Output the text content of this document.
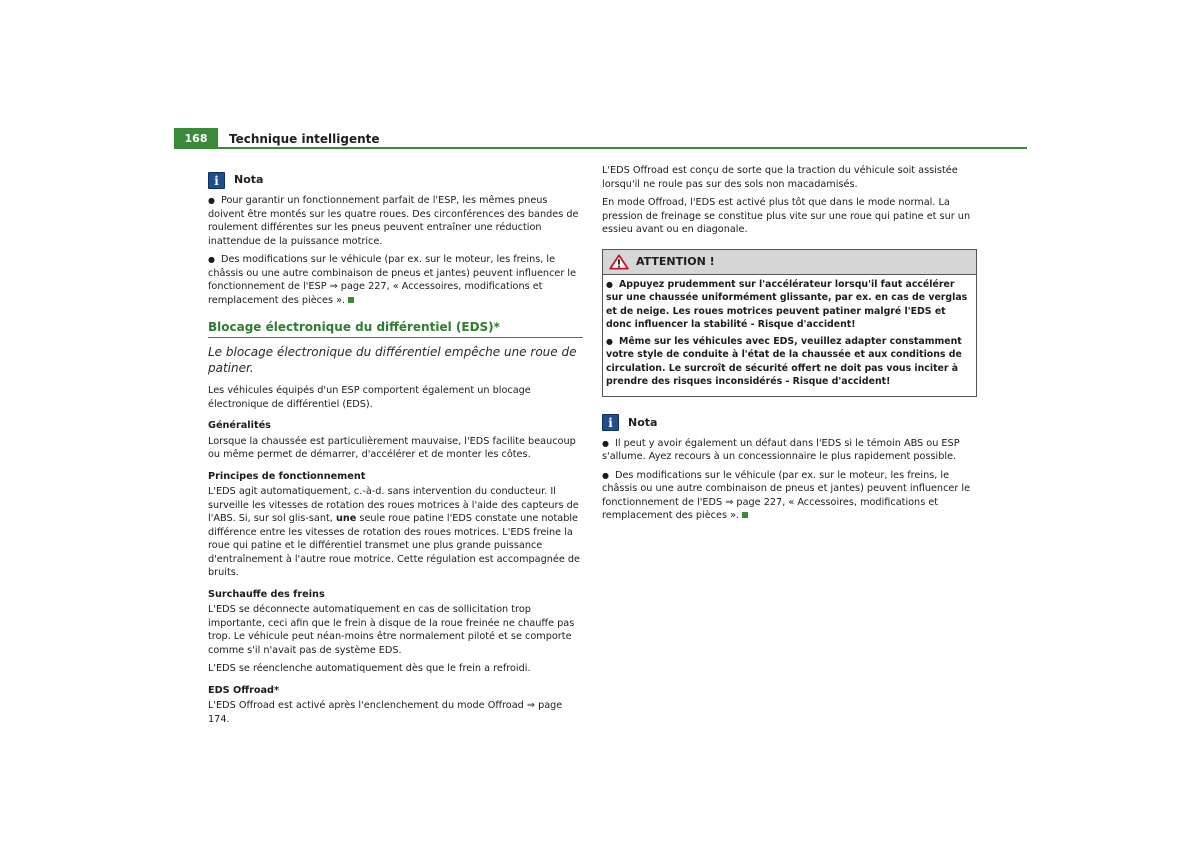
168	Technique intelligente
i	Nota

● Pour garantir un fonctionnement parfait de l'ESP, les mêmes pneus doivent être montés sur les quatre roues. Des circonférences des bandes de roulement différentes sur les pneus peuvent entraîner une réduction inattendue de la puissance motrice.

● Des modifications sur le véhicule (par ex. sur le moteur, les freins, le châssis ou une autre combinaison de pneus et jantes) peuvent influencer le fonctionnement de l'ESP ⇒ page 227, « Accessoires, modifications et remplacement des pièces ».

Blocage électronique du différentiel (EDS)*
Le blocage électronique du différentiel empêche une roue de patiner.

Les véhicules équipés d'un ESP comportent également un blocage électronique de différentiel (EDS).

Généralités

Lorsque la chaussée est particulièrement mauvaise, l'EDS facilite beaucoup ou même permet de démarrer, d'accélérer et de monter les côtes.

Principes de fonctionnement

L'EDS agit automatiquement, c.-à-d. sans intervention du conducteur. Il surveille les vitesses de rotation des roues motrices à l'aide des capteurs de l'ABS. Si, sur sol glis-sant, une seule roue patine l'EDS constate une notable différence entre les vitesses de rotation des roues motrices. L'EDS freine la roue qui patine et le différentiel transmet une plus grande puissance d'entraînement à l'autre roue motrice. Cette régulation est accompagnée de bruits.

Surchauffe des freins

L'EDS se déconnecte automatiquement en cas de sollicitation trop importante, ceci afin que le frein à disque de la roue freinée ne chauffe pas trop. Le véhicule peut néan-moins être normalement piloté et se comporte comme s'il n'avait pas de système EDS.

L'EDS se réenclenche automatiquement dès que le frein a refroidi.

EDS Offroad*

L'EDS Offroad est activé après l'enclenchement du mode Offroad ⇒ page 174.

L'EDS Offroad est conçu de sorte que la traction du véhicule soit assistée lorsqu'il ne roule pas sur des sols non macadamisés.

En mode Offroad, l'EDS est activé plus tôt que dans le mode normal. La pression de freinage se constitue plus vite sur une roue qui patine et sur un essieu avant ou en diagonale.

ATTENTION !

● Appuyez prudemment sur l'accélérateur lorsqu'il faut accélérer sur une chaussée uniformément glissante, par ex. en cas de verglas et de neige. Les roues motrices peuvent patiner malgré l'EDS et donc influencer la stabilité - Risque d'accident!

● Même sur les véhicules avec EDS, veuillez adapter constamment votre style de conduite à l'état de la chaussée et aux conditions de circulation. Le surcroît de sécurité offert ne doit pas vous inciter à prendre des risques inconsidérés - Risque d'accident!

i	Nota

● Il peut y avoir également un défaut dans l'EDS si le témoin ABS ou ESP s'allume. Ayez recours à un concessionnaire le plus rapidement possible.

● Des modifications sur le véhicule (par ex. sur le moteur, les freins, le châssis ou une autre combinaison de pneus et jantes) peuvent influencer le fonctionnement de l'EDS ⇒ page 227, « Accessoires, modifications et remplacement des pièces ».
